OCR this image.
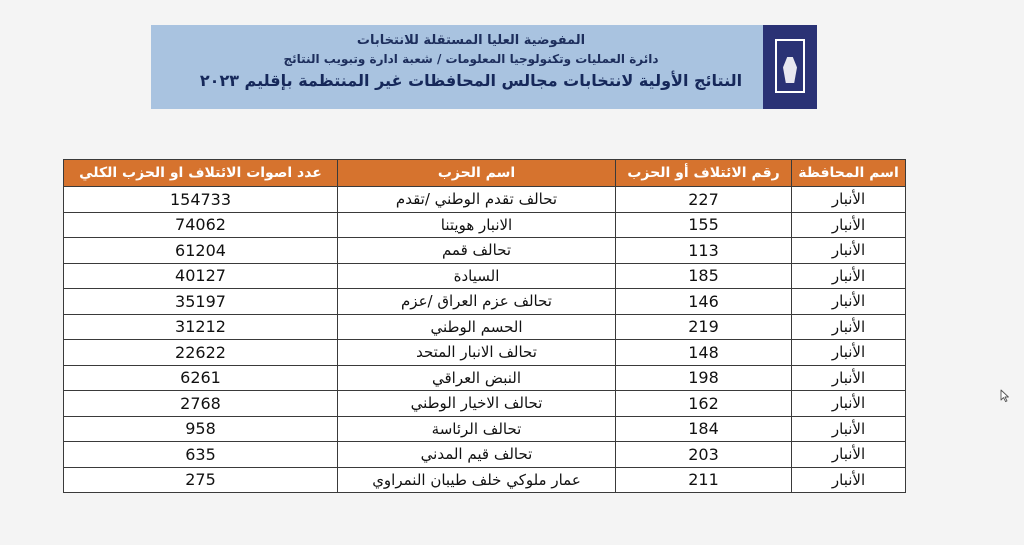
المفوضية العليا المستقلة للانتخابات
دائرة العمليات وتكنولوجيا المعلومات / شعبة ادارة وتبويب النتائج
النتائج الأولية لانتخابات مجالس المحافظات غير المنتظمة بإقليم ٢٠٢٣
اسم المحافظة	رقم الائتلاف أو الحزب	اسم الحزب	عدد اصوات الائتلاف او الحزب الكلي
الأنبار	227	تحالف تقدم الوطني /تقدم	154733
الأنبار	155	الانبار هويتنا	74062
الأنبار	113	تحالف قمم	61204
الأنبار	185	السيادة	40127
الأنبار	146	تحالف عزم العراق /عزم	35197
الأنبار	219	الحسم الوطني	31212
الأنبار	148	تحالف الانبار المتحد	22622
الأنبار	198	النبض العراقي	6261
الأنبار	162	تحالف الاخيار الوطني	2768
الأنبار	184	تحالف الرئاسة	958
الأنبار	203	تحالف قيم المدني	635
الأنبار	211	عمار ملوكي خلف طيبان النمراوي	275
